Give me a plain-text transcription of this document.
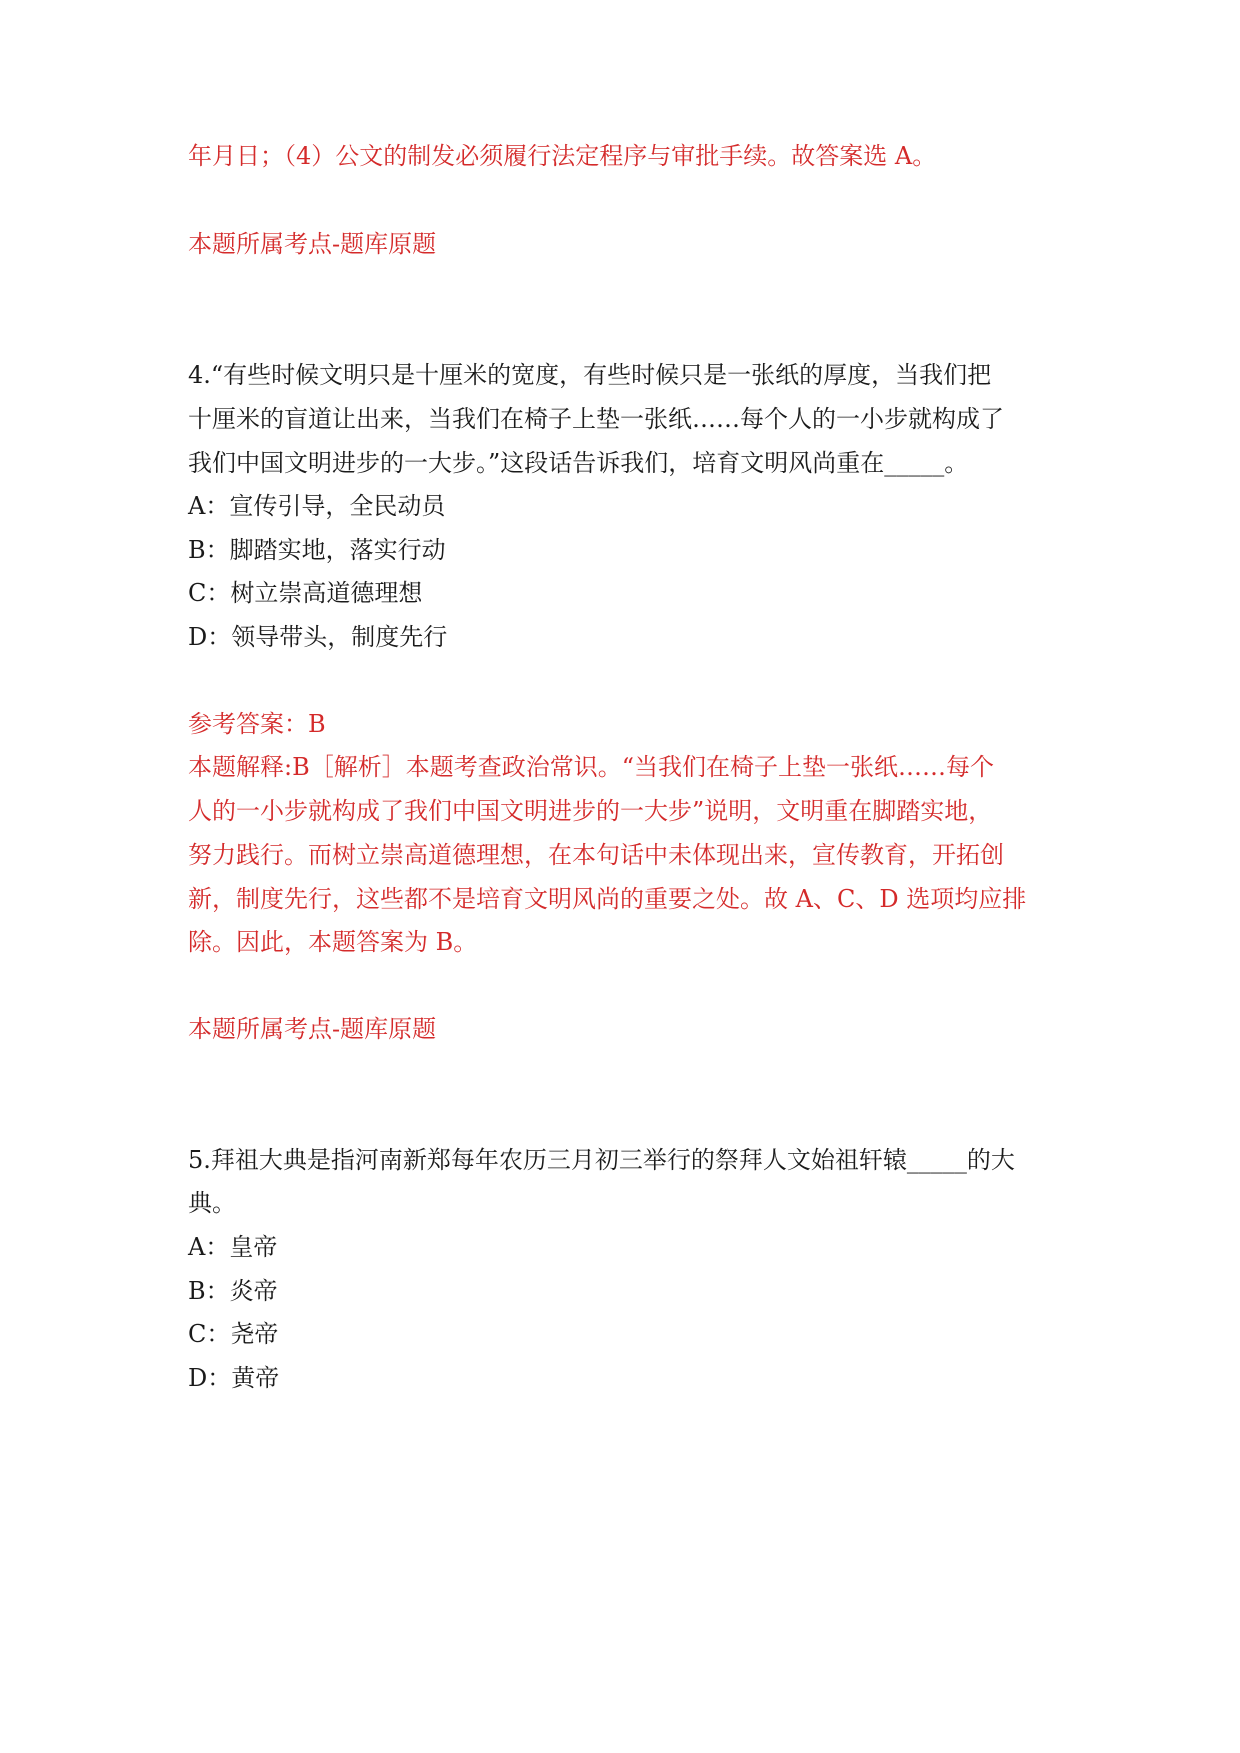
年月日；（4）公文的制发必须履行法定程序与审批手续。故答案选 A。
本题所属考点-题库原题
4.“有些时候文明只是十厘米的宽度，有些时候只是一张纸的厚度，当我们把
十厘米的盲道让出来，当我们在椅子上垫一张纸……每个人的一小步就构成了
我们中国文明进步的一大步。”这段话告诉我们，培育文明风尚重在_____。
A：宣传引导，全民动员
B：脚踏实地，落实行动
C：树立崇高道德理想
D：领导带头，制度先行
参考答案：B
本题解释:B［解析］本题考查政治常识。“当我们在椅子上垫一张纸……每个
人的一小步就构成了我们中国文明进步的一大步”说明，文明重在脚踏实地，
努力践行。而树立崇高道德理想，在本句话中未体现出来，宣传教育，开拓创
新，制度先行，这些都不是培育文明风尚的重要之处。故 A、C、D 选项均应排
除。因此，本题答案为 B。
本题所属考点-题库原题
5.拜祖大典是指河南新郑每年农历三月初三举行的祭拜人文始祖轩辕_____的大
典。
A：皇帝
B：炎帝
C：尧帝
D：黄帝
